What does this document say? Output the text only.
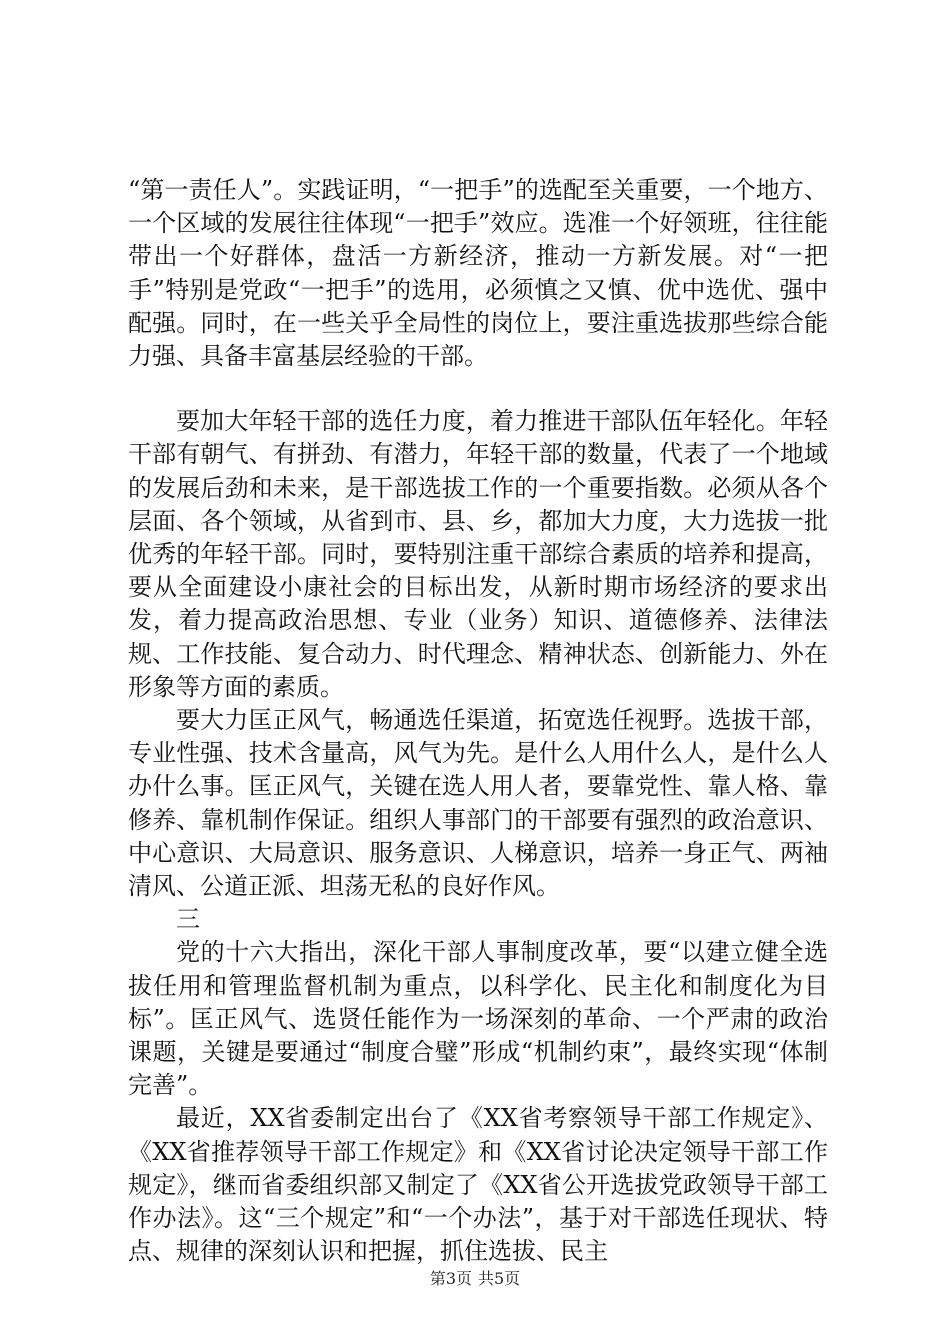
“第一责任人”。实践证明，“一把手”的选配至关重要，一个地方、一个区域的发展往往体现“一把手”效应。选准一个好领班，往往能带出一个好群体，盘活一方新经济，推动一方新发展。对“一把手”特别是党政“一把手”的选用，必须慎之又慎、优中选优、强中配强。同时，在一些关乎全局性的岗位上，要注重选拔那些综合能力强、具备丰富基层经验的干部。

要加大年轻干部的选任力度，着力推进干部队伍年轻化。年轻干部有朝气、有拼劲、有潜力，年轻干部的数量，代表了一个地域的发展后劲和未来，是干部选拔工作的一个重要指数。必须从各个层面、各个领域，从省到市、县、乡，都加大力度，大力选拔一批优秀的年轻干部。同时，要特别注重干部综合素质的培养和提高，要从全面建设小康社会的目标出发，从新时期市场经济的要求出发，着力提高政治思想、专业（业务）知识、道德修养、法律法规、工作技能、复合动力、时代理念、精神状态、创新能力、外在形象等方面的素质。

要大力匡正风气，畅通选任渠道，拓宽选任视野。选拔干部，专业性强、技术含量高，风气为先。是什么人用什么人，是什么人办什么事。匡正风气，关键在选人用人者，要靠党性、靠人格、靠修养、靠机制作保证。组织人事部门的干部要有强烈的政治意识、中心意识、大局意识、服务意识、人梯意识，培养一身正气、两袖清风、公道正派、坦荡无私的良好作风。

三

党的十六大指出，深化干部人事制度改革，要“以建立健全选拔任用和管理监督机制为重点，以科学化、民主化和制度化为目标”。匡正风气、选贤任能作为一场深刻的革命、一个严肃的政治课题，关键是要通过“制度合璧”形成“机制约束”，最终实现“体制完善”。

最近，XX省委制定出台了《XX省考察领导干部工作规定》、《XX省推荐领导干部工作规定》和《XX省讨论决定领导干部工作规定》，继而省委组织部又制定了《XX省公开选拔党政领导干部工作办法》。这“三个规定”和“一个办法”，基于对干部选任现状、特点、规律的深刻认识和把握，抓住选拔、民主

第3页 共5页
